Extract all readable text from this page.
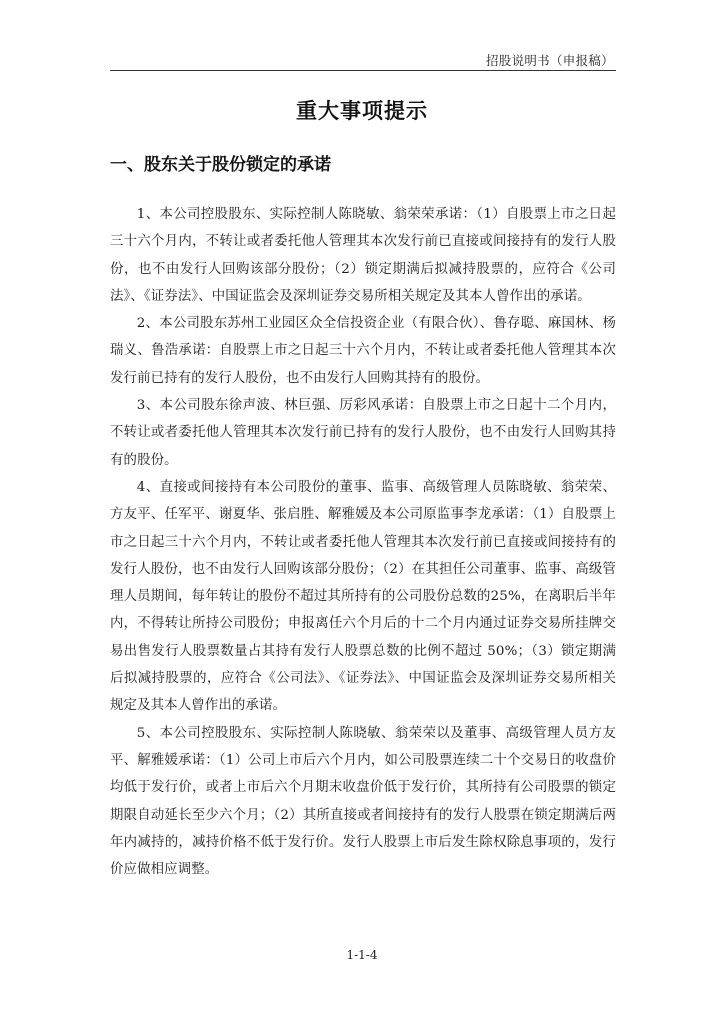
招股说明书（申报稿）
重大事项提示
一、股东关于股份锁定的承诺

1、本公司控股股东、实际控制人陈晓敏、翁荣荣承诺：（1）自股票上市之日起三十六个月内，不转让或者委托他人管理其本次发行前已直接或间接持有的发行人股份，也不由发行人回购该部分股份；（2）锁定期满后拟减持股票的，应符合《公司法》、《证券法》、中国证监会及深圳证券交易所相关规定及其本人曾作出的承诺。

2、本公司股东苏州工业园区众全信投资企业（有限合伙）、鲁存聪、麻国林、杨瑞义、鲁浩承诺：自股票上市之日起三十六个月内，不转让或者委托他人管理其本次发行前已持有的发行人股份，也不由发行人回购其持有的股份。

3、本公司股东徐声波、林巨强、厉彩风承诺：自股票上市之日起十二个月内，不转让或者委托他人管理其本次发行前已持有的发行人股份，也不由发行人回购其持有的股份。

4、直接或间接持有本公司股份的董事、监事、高级管理人员陈晓敏、翁荣荣、方友平、任军平、谢夏华、张启胜、解雅媛及本公司原监事李龙承诺：（1）自股票上市之日起三十六个月内，不转让或者委托他人管理其本次发行前已直接或间接持有的发行人股份，也不由发行人回购该部分股份；（2）在其担任公司董事、监事、高级管理人员期间，每年转让的股份不超过其所持有的公司股份总数的25%，在离职后半年内，不得转让所持公司股份；申报离任六个月后的十二个月内通过证券交易所挂牌交易出售发行人股票数量占其持有发行人股票总数的比例不超过 50%；（3）锁定期满后拟减持股票的，应符合《公司法》、《证券法》、中国证监会及深圳证券交易所相关规定及其本人曾作出的承诺。

5、本公司控股股东、实际控制人陈晓敏、翁荣荣以及董事、高级管理人员方友平、解雅媛承诺：（1）公司上市后六个月内，如公司股票连续二十个交易日的收盘价均低于发行价，或者上市后六个月期末收盘价低于发行价，其所持有公司股票的锁定期限自动延长至少六个月；（2）其所直接或者间接持有的发行人股票在锁定期满后两年内减持的，减持价格不低于发行价。发行人股票上市后发生除权除息事项的，发行价应做相应调整。

1-1-4
